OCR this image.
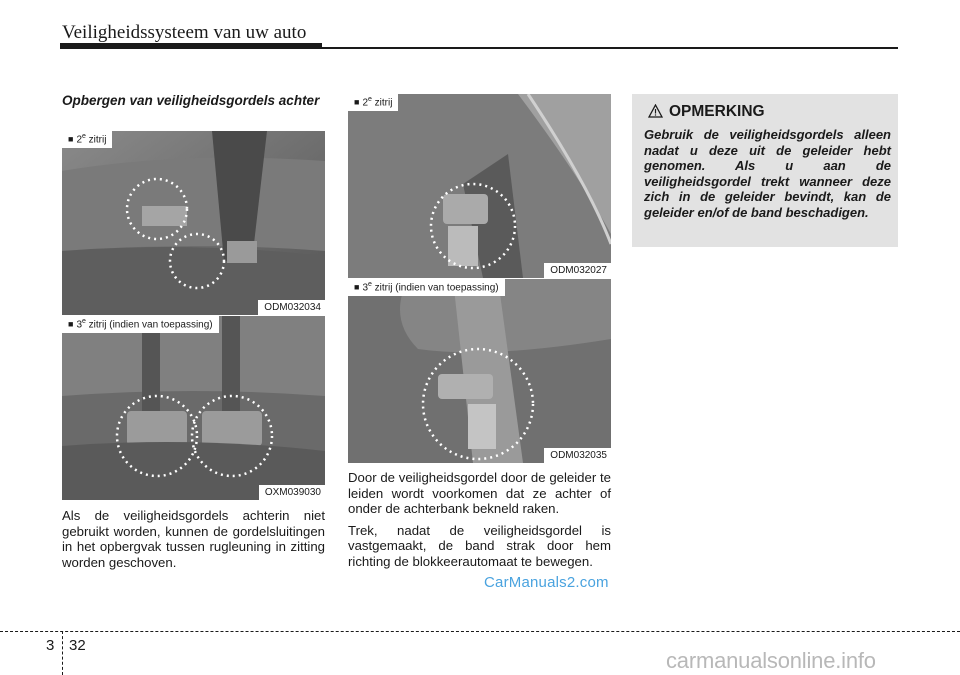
Veiligheidssysteem van uw auto
Opbergen van veiligheidsgordels achter
■ 2e zitrij
ODM032034
■ 3e zitrij (indien van toepassing)
OXM039030

Als de veiligheidsgordels achterin niet gebruikt worden, kunnen de gordelsluitingen in het opbergvak tussen rugleuning in zitting worden geschoven.

■ 2e zitrij
ODM032027
■ 3e zitrij (indien van toepassing)
ODM032035

Door de veiligheidsgordel door de geleider te leiden wordt voorkomen dat ze achter of onder de achterbank bekneld raken.

Trek, nadat de veiligheidsgordel is vastgemaakt, de band strak door hem richting de blokkeerautomaat te bewegen.

OPMERKING
Gebruik de veiligheidsgordels alleen nadat u deze uit de geleider hebt genomen. Als u aan de veiligheidsgordel trekt wanneer deze zich in de geleider bevindt, kan de geleider en/of de band beschadigen.
CarManuals2.com
3 32
carmanualsonline.info
